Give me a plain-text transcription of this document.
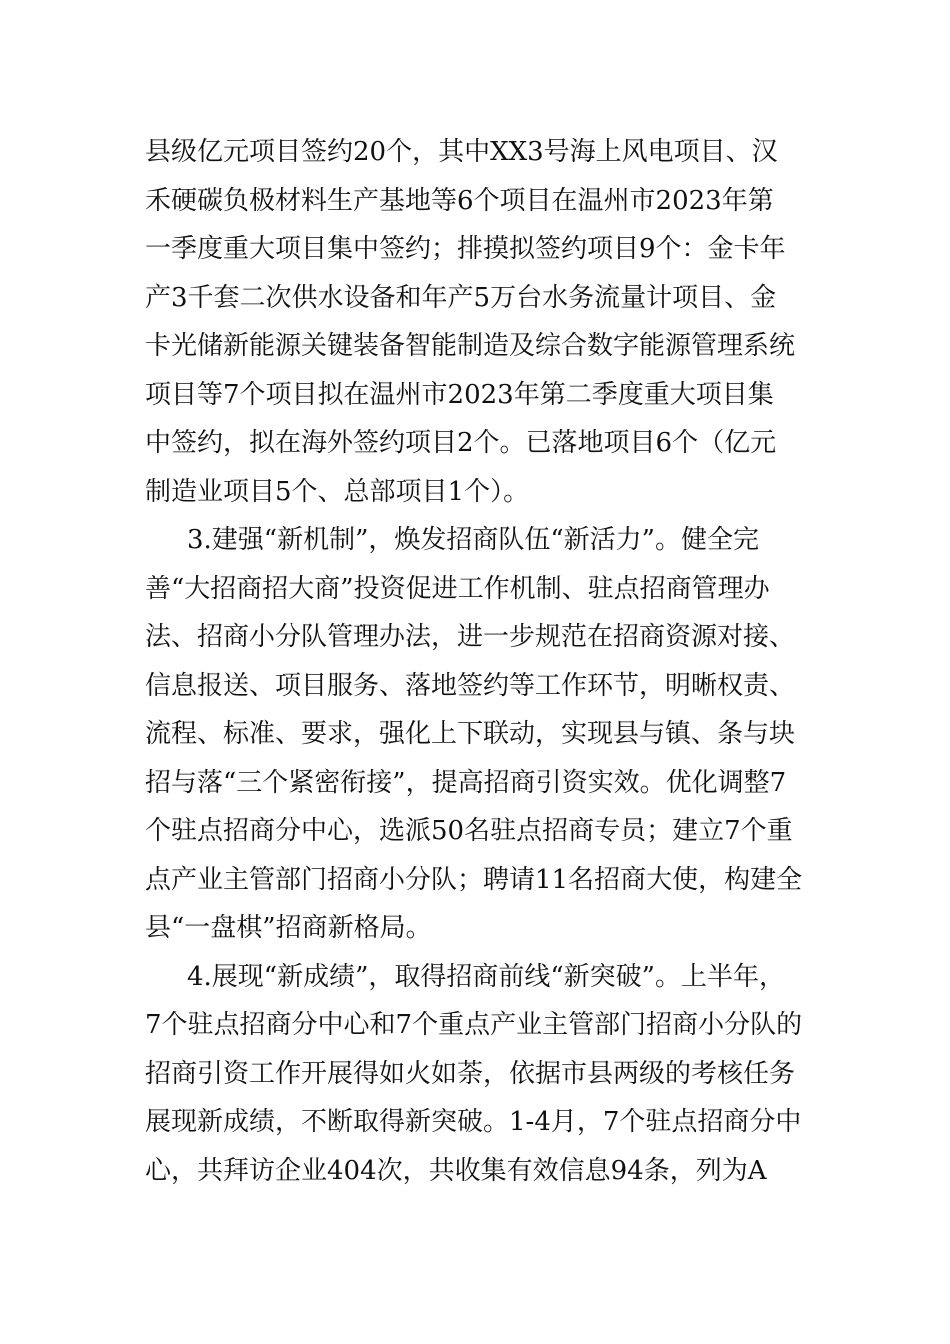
县级亿元项目签约20个，其中XX3号海上风电项目、汉
禾硬碳负极材料生产基地等6个项目在温州市2023年第
一季度重大项目集中签约；排摸拟签约项目9个：金卡年
产3千套二次供水设备和年产5万台水务流量计项目、金
卡光储新能源关键装备智能制造及综合数字能源管理系统
项目等7个项目拟在温州市2023年第二季度重大项目集
中签约，拟在海外签约项目2个。已落地项目6个（亿元
制造业项目5个、总部项目1个）。
3.建强“新机制”，焕发招商队伍“新活力”。健全完
善“大招商招大商”投资促进工作机制、驻点招商管理办
法、招商小分队管理办法，进一步规范在招商资源对接、
信息报送、项目服务、落地签约等工作环节，明晰权责、
流程、标准、要求，强化上下联动，实现县与镇、条与块
招与落“三个紧密衔接”，提高招商引资实效。优化调整7
个驻点招商分中心，选派50名驻点招商专员；建立7个重
点产业主管部门招商小分队；聘请11名招商大使，构建全
县“一盘棋”招商新格局。
4.展现“新成绩”，取得招商前线“新突破”。上半年，
7个驻点招商分中心和7个重点产业主管部门招商小分队的
招商引资工作开展得如火如荼，依据市县两级的考核任务
展现新成绩，不断取得新突破。1-4月，7个驻点招商分中
心，共拜访企业404次，共收集有效信息94条，列为A
